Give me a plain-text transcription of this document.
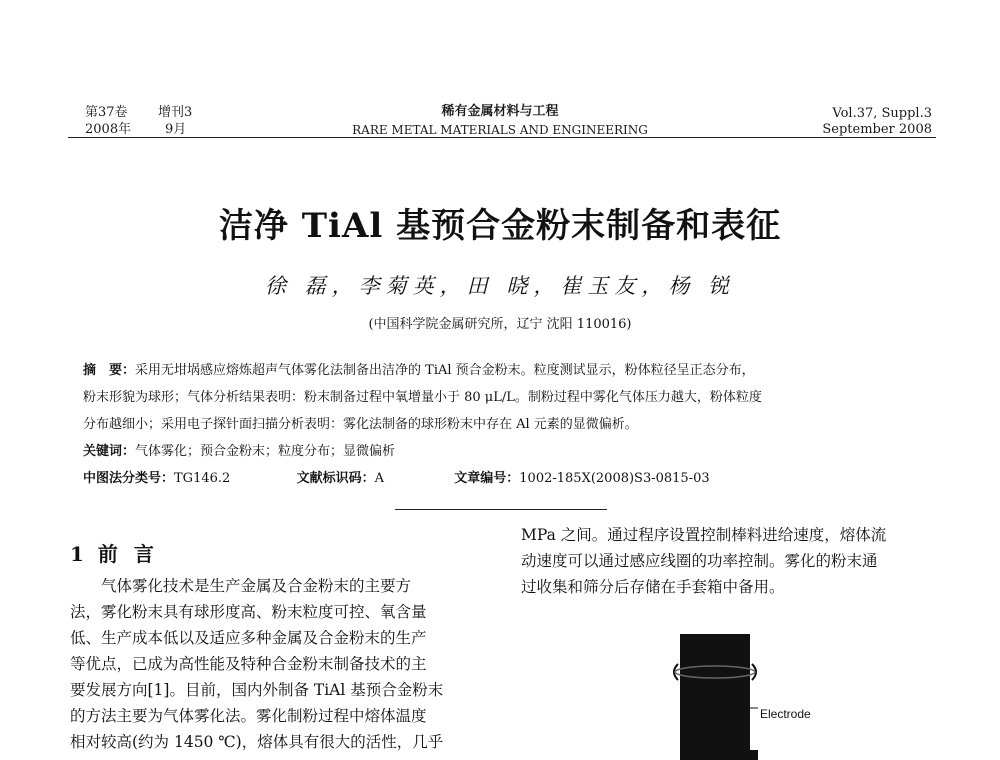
第37卷 增刊3
2008年	9月
稀有金属材料与工程
RARE METAL MATERIALS AND ENGINEERING
Vol.37, Suppl.3
September 2008
洁净 TiAl 基预合金粉末制备和表征
徐 磊，李菊英，田 晓，崔玉友，杨 锐
(中国科学院金属研究所，辽宁 沈阳 110016)
摘　要：采用无坩埚感应熔炼超声气体雾化法制备出洁净的 TiAl 预合金粉末。粒度测试显示，粉体粒径呈正态分布，
粉末形貌为球形；气体分析结果表明：粉末制备过程中氧增量小于 80 μL/L。制粉过程中雾化气体压力越大，粉体粒度
分布越细小；采用电子探针面扫描分析表明：雾化法制备的球形粉末中存在 Al 元素的显微偏析。
关键词：气体雾化；预合金粉末；粒度分布；显微偏析
中图法分类号：TG146.2	文献标识码：A	文章编号：1002-185X(2008)S3-0815-03
1 前言

　　气体雾化技术是生产金属及合金粉末的主要方

法，雾化粉末具有球形度高、粉末粒度可控、氧含量

低、生产成本低以及适应多种金属及合金粉末的生产

等优点，已成为高性能及特种合金粉末制备技术的主

要发展方向[1]。目前，国内外制备 TiAl 基预合金粉末

的方法主要为气体雾化法。雾化制粉过程中熔体温度

相对较高(约为 1450 ℃)，熔体具有很大的活性，几乎

MPa 之间。通过程序设置控制棒料进给速度，熔体流

动速度可以通过感应线圈的功率控制。雾化的粉末通

过收集和筛分后存储在手套箱中备用。

Electrode
